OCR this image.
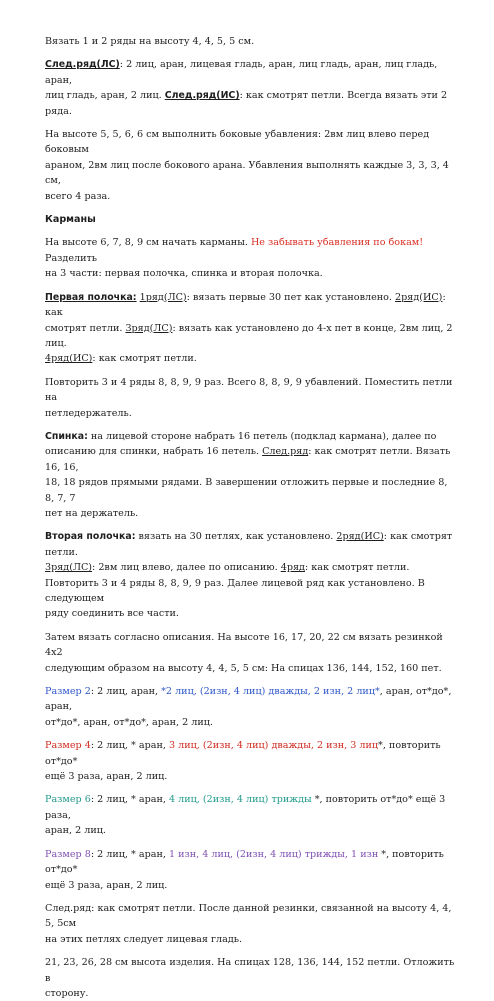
Вязать 1 и 2 ряды на высоту 4, 4, 5, 5 см.

След.ряд(ЛС): 2 лиц, аран, лицевая гладь, аран, лиц гладь, аран, лиц гладь, аран,
лиц гладь, аран, 2 лиц. След.ряд(ИС): как смотрят петли. Всегда вязать эти 2 ряда.

На высоте 5, 5, 6, 6 см выполнить боковые убавления: 2вм лиц влево перед боковым
араном, 2вм лиц после бокового арана. Убавления выполнять каждые 3, 3, 3, 4 см,
всего 4 раза.

Карманы

На высоте 6, 7, 8, 9 см начать карманы. Не забывать убавления по бокам! Разделить
на 3 части: первая полочка, спинка и вторая полочка.

Первая полочка: 1ряд(ЛС): вязать первые 30 пет как установлено. 2ряд(ИС): как
смотрят петли. 3ряд(ЛС): вязать как установлено до 4-х пет в конце, 2вм лиц, 2 лиц.
4ряд(ИС): как смотрят петли.

Повторить 3 и 4 ряды 8, 8, 9, 9 раз. Всего 8, 8, 9, 9 убавлений. Поместить петли на
петледержатель.

Спинка: на лицевой стороне набрать 16 петель (подклад кармана), далее по
описанию для спинки, набрать 16 петель. След.ряд: как смотрят петли. Вязать 16, 16,
18, 18 рядов прямыми рядами. В завершении отложить первые и последние 8, 8, 7, 7
пет на держатель.

Вторая полочка: вязать на 30 петлях, как установлено. 2ряд(ИС): как смотрят петли.
3ряд(ЛС): 2вм лиц влево, далее по описанию. 4ряд: как смотрят петли.
Повторить 3 и 4 ряды 8, 8, 9, 9 раз. Далее лицевой ряд как установлено. В следующем
ряду соединить все части.

Затем вязать согласно описания. На высоте 16, 17, 20, 22 см вязать резинкой 4x2
следующим образом на высоту 4, 4, 5, 5 см: На спицах 136, 144, 152, 160 пет.

Размер 2: 2 лиц, аран, *2 лиц, (2изн, 4 лиц) дважды, 2 изн, 2 лиц*, аран, от*до*, аран,
от*до*, аран, от*до*, аран, 2 лиц.

Размер 4: 2 лиц, * аран, 3 лиц, (2изн, 4 лиц) дважды, 2 изн, 3 лиц*, повторить от*до*
ещё 3 раза, аран, 2 лиц.

Размер 6: 2 лиц, * аран, 4 лиц, (2изн, 4 лиц) трижды *, повторить от*до* ещё 3 раза,
аран, 2 лиц.

Размер 8: 2 лиц, * аран, 1 изн, 4 лиц, (2изн, 4 лиц) трижды, 1 изн *, повторить от*до*
ещё 3 раза, аран, 2 лиц.

След.ряд: как смотрят петли. После данной резинки, связанной на высоту 4, 4, 5, 5см
на этих петлях следует лицевая гладь.

21, 23, 26, 28 см высота изделия. На спицах 128, 136, 144, 152 петли. Отложить в
сторону.
